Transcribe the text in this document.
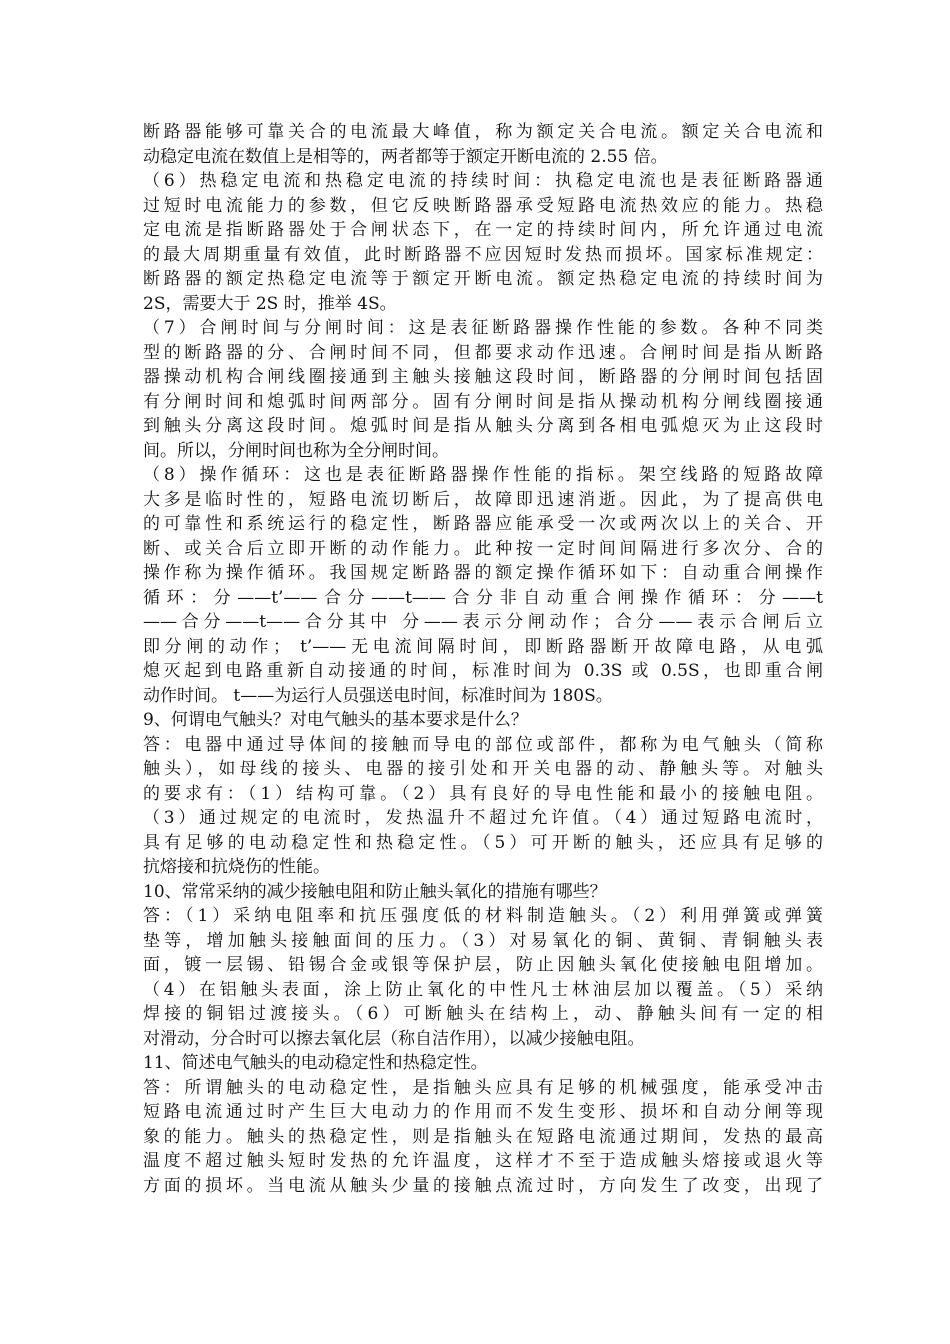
断路器能够可靠关合的电流最大峰值，称为额定关合电流。额定关合电流和
动稳定电流在数值上是相等的，两者都等于额定开断电流的 2.55 倍。
（6）热稳定电流和热稳定电流的持续时间：执稳定电流也是表征断路器通
过短时电流能力的参数，但它反映断路器承受短路电流热效应的能力。热稳
定电流是指断路器处于合闸状态下，在一定的持续时间内，所允许通过电流
的最大周期重量有效值，此时断路器不应因短时发热而损坏。国家标准规定：
断路器的额定热稳定电流等于额定开断电流。额定热稳定电流的持续时间为
2S，需要大于 2S 时，推举 4S。
（7）合闸时间与分闸时间：这是表征断路器操作性能的参数。各种不同类
型的断路器的分、合闸时间不同，但都要求动作迅速。合闸时间是指从断路
器操动机构合闸线圈接通到主触头接触这段时间，断路器的分闸时间包括固
有分闸时间和熄弧时间两部分。固有分闸时间是指从操动机构分闸线圈接通
到触头分离这段时间。熄弧时间是指从触头分离到各相电弧熄灭为止这段时
间。所以，分闸时间也称为全分闸时间。
（8）操作循环：这也是表征断路器操作性能的指标。架空线路的短路故障
大多是临时性的，短路电流切断后，故障即迅速消逝。因此，为了提高供电
的可靠性和系统运行的稳定性，断路器应能承受一次或两次以上的关合、开
断、或关合后立即开断的动作能力。此种按一定时间间隔进行多次分、合的
操作称为操作循环。我国规定断路器的额定操作循环如下：自动重合闸操作
循环：分——t’——合分——t——合分非自动重合闸操作循环：分——t
——合分——t——合分其中 分——表示分闸动作；合分——表示合闸后立
即分闸的动作； t’——无电流间隔时间，即断路器断开故障电路，从电弧
熄灭起到电路重新自动接通的时间，标准时间为 0.3S 或 0.5S，也即重合闸
动作时间。 t——为运行人员强送电时间，标准时间为 180S。
9、何谓电气触头？对电气触头的基本要求是什么？
答：电器中通过导体间的接触而导电的部位或部件，都称为电气触头（简称
触头），如母线的接头、电器的接引处和开关电器的动、静触头等。对触头
的要求有：（1）结构可靠。（2）具有良好的导电性能和最小的接触电阻。
（3）通过规定的电流时，发热温升不超过允许值。（4）通过短路电流时，
具有足够的电动稳定性和热稳定性。（5）可开断的触头，还应具有足够的
抗熔接和抗烧伤的性能。
10、常常采纳的减少接触电阻和防止触头氧化的措施有哪些？
答：（1）采纳电阻率和抗压强度低的材料制造触头。（2）利用弹簧或弹簧
垫等，增加触头接触面间的压力。（3）对易氧化的铜、黄铜、青铜触头表
面，镀一层锡、铅锡合金或银等保护层，防止因触头氧化使接触电阻增加。
（4）在铝触头表面，涂上防止氧化的中性凡士林油层加以覆盖。（5）采纳
焊接的铜铝过渡接头。（6）可断触头在结构上，动、静触头间有一定的相
对滑动，分合时可以擦去氧化层（称自洁作用），以减少接触电阻。
11、简述电气触头的电动稳定性和热稳定性。
答：所谓触头的电动稳定性，是指触头应具有足够的机械强度，能承受冲击
短路电流通过时产生巨大电动力的作用而不发生变形、损坏和自动分闸等现
象的能力。触头的热稳定性，则是指触头在短路电流通过期间，发热的最高
温度不超过触头短时发热的允许温度，这样才不至于造成触头熔接或退火等
方面的损坏。当电流从触头少量的接触点流过时，方向发生了改变，出现了
